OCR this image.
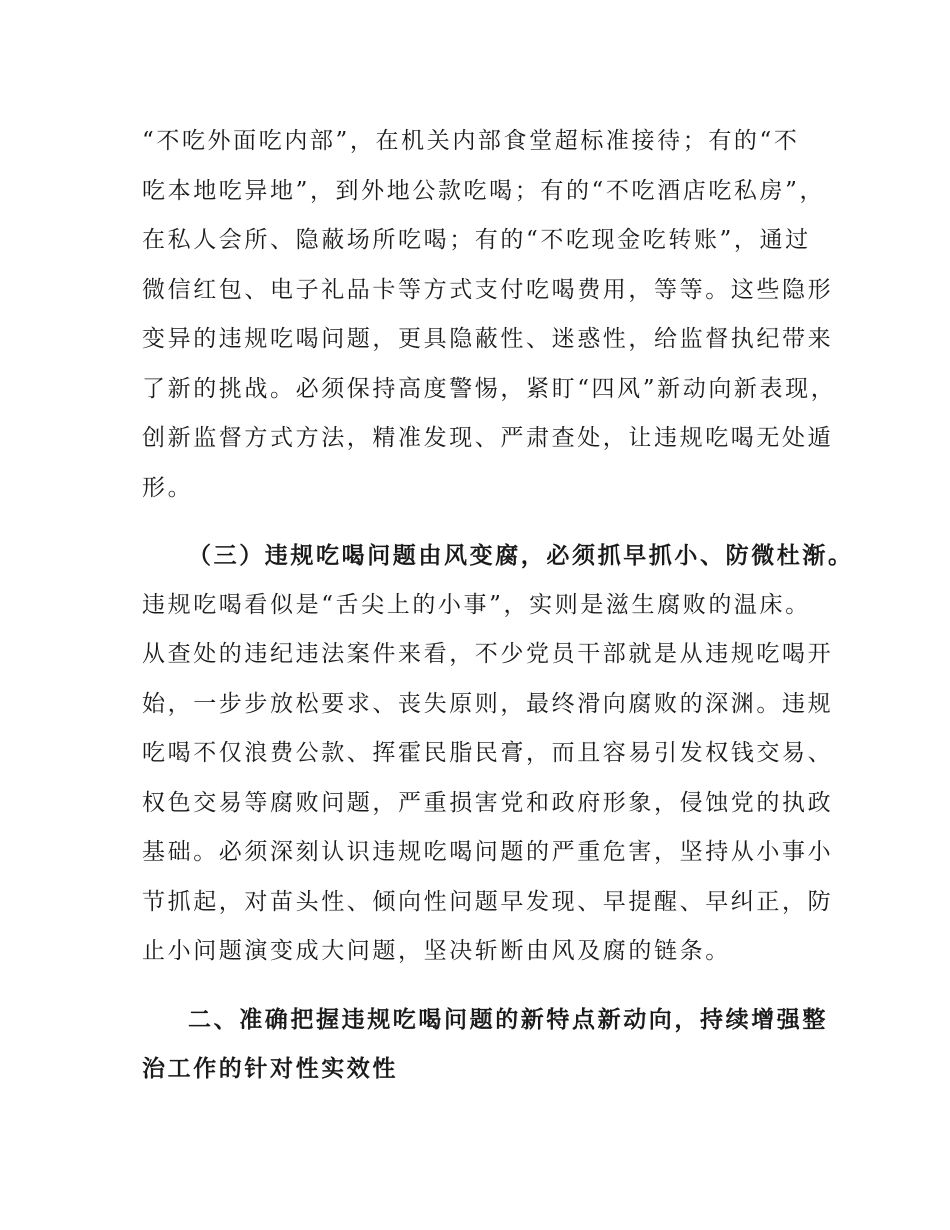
“不吃外面吃内部”，在机关内部食堂超标准接待；有的“不
吃本地吃异地”，到外地公款吃喝；有的“不吃酒店吃私房”，
在私人会所、隐蔽场所吃喝；有的“不吃现金吃转账”，通过
微信红包、电子礼品卡等方式支付吃喝费用，等等。这些隐形
变异的违规吃喝问题，更具隐蔽性、迷惑性，给监督执纪带来
了新的挑战。必须保持高度警惕，紧盯“四风”新动向新表现，
创新监督方式方法，精准发现、严肃查处，让违规吃喝无处遁
形。
（三）违规吃喝问题由风变腐，必须抓早抓小、防微杜渐。
违规吃喝看似是“舌尖上的小事”，实则是滋生腐败的温床。
从查处的违纪违法案件来看，不少党员干部就是从违规吃喝开
始，一步步放松要求、丧失原则，最终滑向腐败的深渊。违规
吃喝不仅浪费公款、挥霍民脂民膏，而且容易引发权钱交易、
权色交易等腐败问题，严重损害党和政府形象，侵蚀党的执政
基础。必须深刻认识违规吃喝问题的严重危害，坚持从小事小
节抓起，对苗头性、倾向性问题早发现、早提醒、早纠正，防
止小问题演变成大问题，坚决斩断由风及腐的链条。
二、准确把握违规吃喝问题的新特点新动向，持续增强整
治工作的针对性实效性
